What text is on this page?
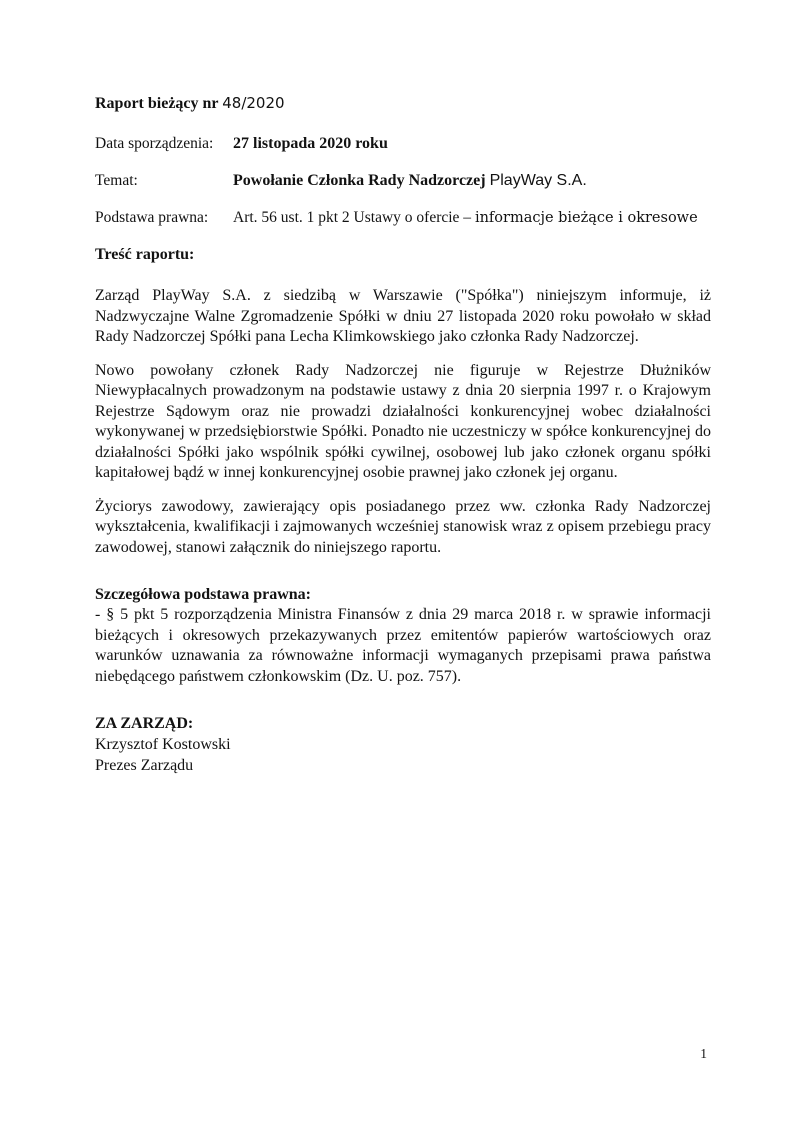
Raport bieżący nr 48/2020
Data sporządzenia:	27 listopada 2020 roku
Temat:	Powołanie Członka Rady Nadzorczej PlayWay S.A.
Podstawa prawna:	Art. 56 ust. 1 pkt 2 Ustawy o ofercie – informacje bieżące i okresowe
Treść raportu:

Zarząd PlayWay S.A. z siedzibą w Warszawie ("Spółka") niniejszym informuje, iż Nadzwyczajne Walne Zgromadzenie Spółki w dniu 27 listopada 2020 roku powołało w skład Rady Nadzorczej Spółki pana Lecha Klimkowskiego jako członka Rady Nadzorczej.

Nowo powołany członek Rady Nadzorczej nie figuruje w Rejestrze Dłużników Niewypłacalnych prowadzonym na podstawie ustawy z dnia 20 sierpnia 1997 r. o Krajowym Rejestrze Sądowym oraz nie prowadzi działalności konkurencyjnej wobec działalności wykonywanej w przedsiębiorstwie Spółki. Ponadto nie uczestniczy w spółce konkurencyjnej do działalności Spółki jako wspólnik spółki cywilnej, osobowej lub jako członek organu spółki kapitałowej bądź w innej konkurencyjnej osobie prawnej jako członek jej organu.

Życiorys zawodowy, zawierający opis posiadanego przez ww. członka Rady Nadzorczej wykształcenia, kwalifikacji i zajmowanych wcześniej stanowisk wraz z opisem przebiegu pracy zawodowej, stanowi załącznik do niniejszego raportu.

Szczegółowa podstawa prawna:

- § 5 pkt 5 rozporządzenia Ministra Finansów z dnia 29 marca 2018 r. w sprawie informacji bieżących i okresowych przekazywanych przez emitentów papierów wartościowych oraz warunków uznawania za równoważne informacji wymaganych przepisami prawa państwa niebędącego państwem członkowskim (Dz. U. poz. 757).

ZA ZARZĄD:

Krzysztof Kostowski

Prezes Zarządu

1
